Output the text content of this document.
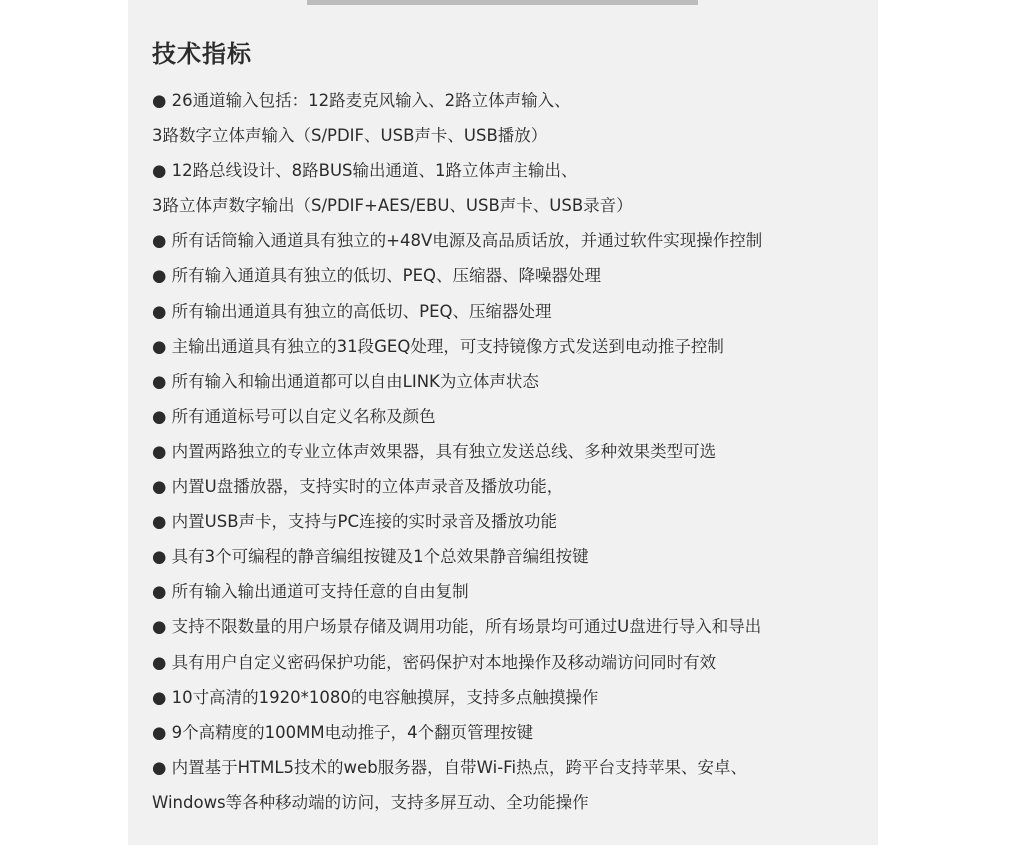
技术指标
● 26通道输入包括：12路麦克风输入、2路立体声输入、
3路数字立体声输入（S/PDIF、USB声卡、USB播放）
● 12路总线设计、8路BUS输出通道、1路立体声主输出、
3路立体声数字输出（S/PDIF+AES/EBU、USB声卡、USB录音）
● 所有话筒输入通道具有独立的+48V电源及高品质话放，并通过软件实现操作控制
● 所有输入通道具有独立的低切、PEQ、压缩器、降噪器处理
● 所有输出通道具有独立的高低切、PEQ、压缩器处理
● 主输出通道具有独立的31段GEQ处理，可支持镜像方式发送到电动推子控制
● 所有输入和输出通道都可以自由LINK为立体声状态
● 所有通道标号可以自定义名称及颜色
● 内置两路独立的专业立体声效果器，具有独立发送总线、多种效果类型可选
● 内置U盘播放器，支持实时的立体声录音及播放功能，
● 内置USB声卡，支持与PC连接的实时录音及播放功能
● 具有3个可编程的静音编组按键及1个总效果静音编组按键
● 所有输入输出通道可支持任意的自由复制
● 支持不限数量的用户场景存储及调用功能，所有场景均可通过U盘进行导入和导出
● 具有用户自定义密码保护功能，密码保护对本地操作及移动端访问同时有效
● 10寸高清的1920*1080的电容触摸屏，支持多点触摸操作
● 9个高精度的100MM电动推子，4个翻页管理按键
● 内置基于HTML5技术的web服务器，自带Wi-Fi热点，跨平台支持苹果、安卓、
Windows等各种移动端的访问，支持多屏互动、全功能操作
